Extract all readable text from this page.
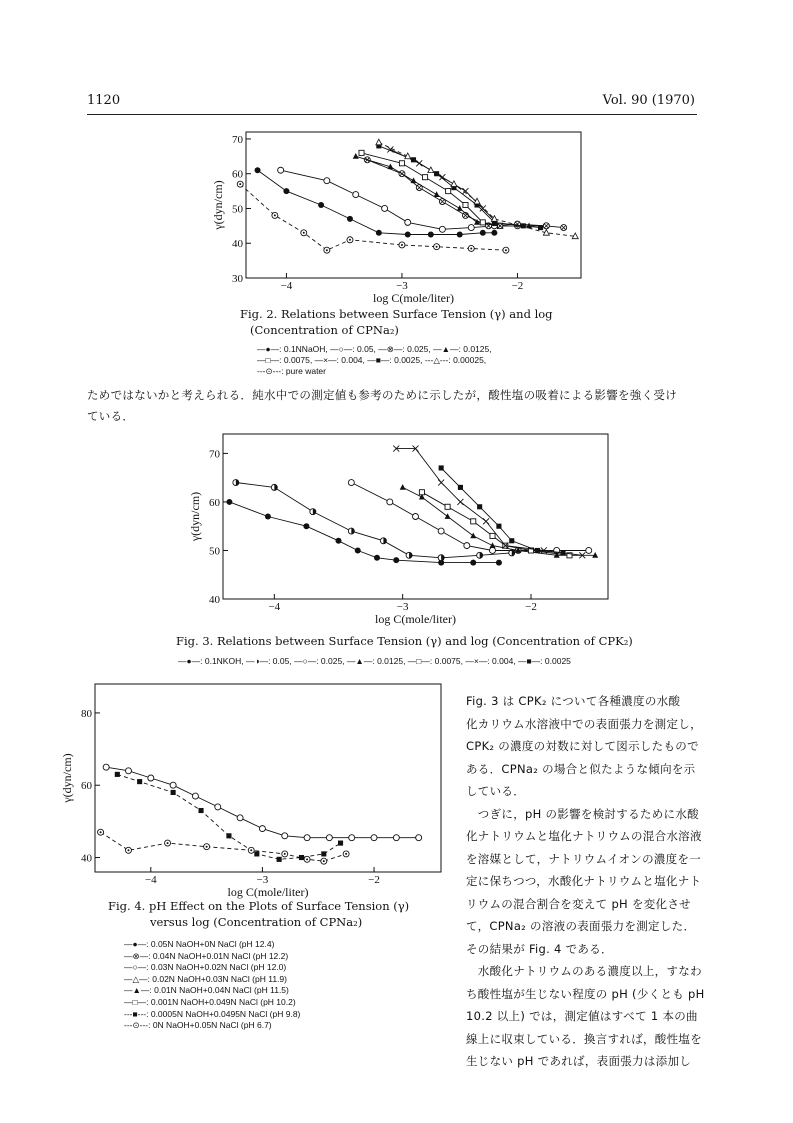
1120	Vol. 90 (1970)
30
40
50
60
70
−4	−3	−2
log C(mole/liter)
γ(dyn/cm)
Fig. 2. Relations between Surface Tension (γ) and log
(Concentration of CPNa₂)
—●—: 0.1NNaOH, —○—: 0.05, —⊗—: 0.025, —▲—: 0.0125,
—□—: 0.0075, —×—: 0.004, —■—: 0.0025, ---△---: 0.00025,
---⊙---: pure water
ためではないかと考えられる．純水中での測定値も参考のために示したが，酸性塩の吸着による影響を強く受け
ている．
40
50
60
70
−4	−3	−2
log C(mole/liter)
γ(dyn/cm)
Fig. 3. Relations between Surface Tension (γ) and log (Concentration of CPK₂)
—●—: 0.1NKOH, —◑—: 0.05, —○—: 0.025, —▲—: 0.0125, —□—: 0.0075, —×—: 0.004, —■—: 0.0025
40
60
80
−4	−3	−2
log C(mole/liter)
γ(dyn/cm)
Fig. 4. pH Effect on the Plots of Surface Tension (γ)
versus log (Concentration of CPNa₂)
—●—: 0.05N NaOH+0N NaCl (pH 12.4)
—⊗—: 0.04N NaOH+0.01N NaCl (pH 12.2)
—○—: 0.03N NaOH+0.02N NaCl (pH 12.0)
—△—: 0.02N NaOH+0.03N NaCl (pH 11.9)
—▲—: 0.01N NaOH+0.04N NaCl (pH 11.5)
—□—: 0.001N NaOH+0.049N NaCl (pH 10.2)
---■---: 0.0005N NaOH+0.0495N NaCl (pH 9.8)
---⊙---: 0N NaOH+0.05N NaCl (pH 6.7)
Fig. 3 は CPK₂ について各種濃度の水酸
化カリウム水溶液中での表面張力を測定し，
CPK₂ の濃度の対数に対して図示したもので
ある．CPNa₂ の場合と似たような傾向を示
している．
　つぎに，pH の影響を検討するために水酸
化ナトリウムと塩化ナトリウムの混合水溶液
を溶媒として，ナトリウムイオンの濃度を一
定に保ちつつ，水酸化ナトリウムと塩化ナト
リウムの混合割合を変えて pH を変化させ
て，CPNa₂ の溶液の表面張力を測定した．
その結果が Fig. 4 である．
　水酸化ナトリウムのある濃度以上，すなわ
ち酸性塩が生じない程度の pH (少くとも pH
10.2 以上) では，測定値はすべて 1 本の曲
線上に収束している．換言すれば，酸性塩を
生じない pH であれば，表面張力は添加し
